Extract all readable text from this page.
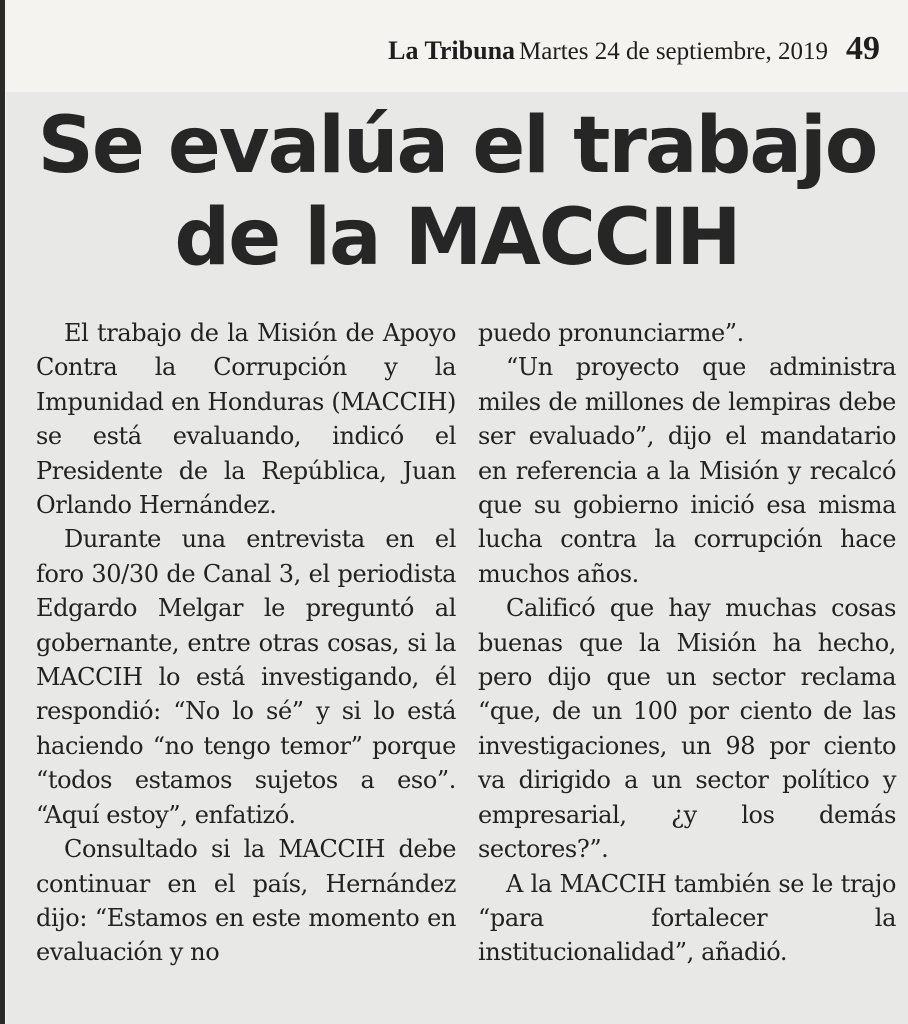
La Tribuna Martes 24 de septiembre, 2019 49
Se evalúa el trabajo
de la MACCIH

El trabajo de la Misión de Apoyo Contra la Corrupción y la Impunidad en Honduras (MACCIH) se está evaluando, indicó el Presidente de la República, Juan Orlando Hernández.

Durante una entrevista en el foro 30/30 de Canal 3, el periodista Edgardo Melgar le preguntó al gobernante, entre otras cosas, si la MACCIH lo está investigando, él respondió: “No lo sé” y si lo está haciendo “no tengo temor” porque “todos estamos sujetos a eso”. “Aquí estoy”, enfatizó.

Consultado si la MACCIH debe continuar en el país, Hernández dijo: “Estamos en este momento en evaluación y no

puedo pronunciarme”.

“Un proyecto que administra miles de millones de lempiras debe ser evaluado”, dijo el mandatario en referencia a la Misión y recalcó que su gobierno inició esa misma lucha contra la corrupción hace muchos años.

Calificó que hay muchas cosas buenas que la Misión ha hecho, pero dijo que un sector reclama “que, de un 100 por ciento de las investigaciones, un 98 por ciento va dirigido a un sector político y empresarial, ¿y los demás sectores?”.

A la MACCIH también se le trajo “para fortalecer la institucionalidad”, añadió.
